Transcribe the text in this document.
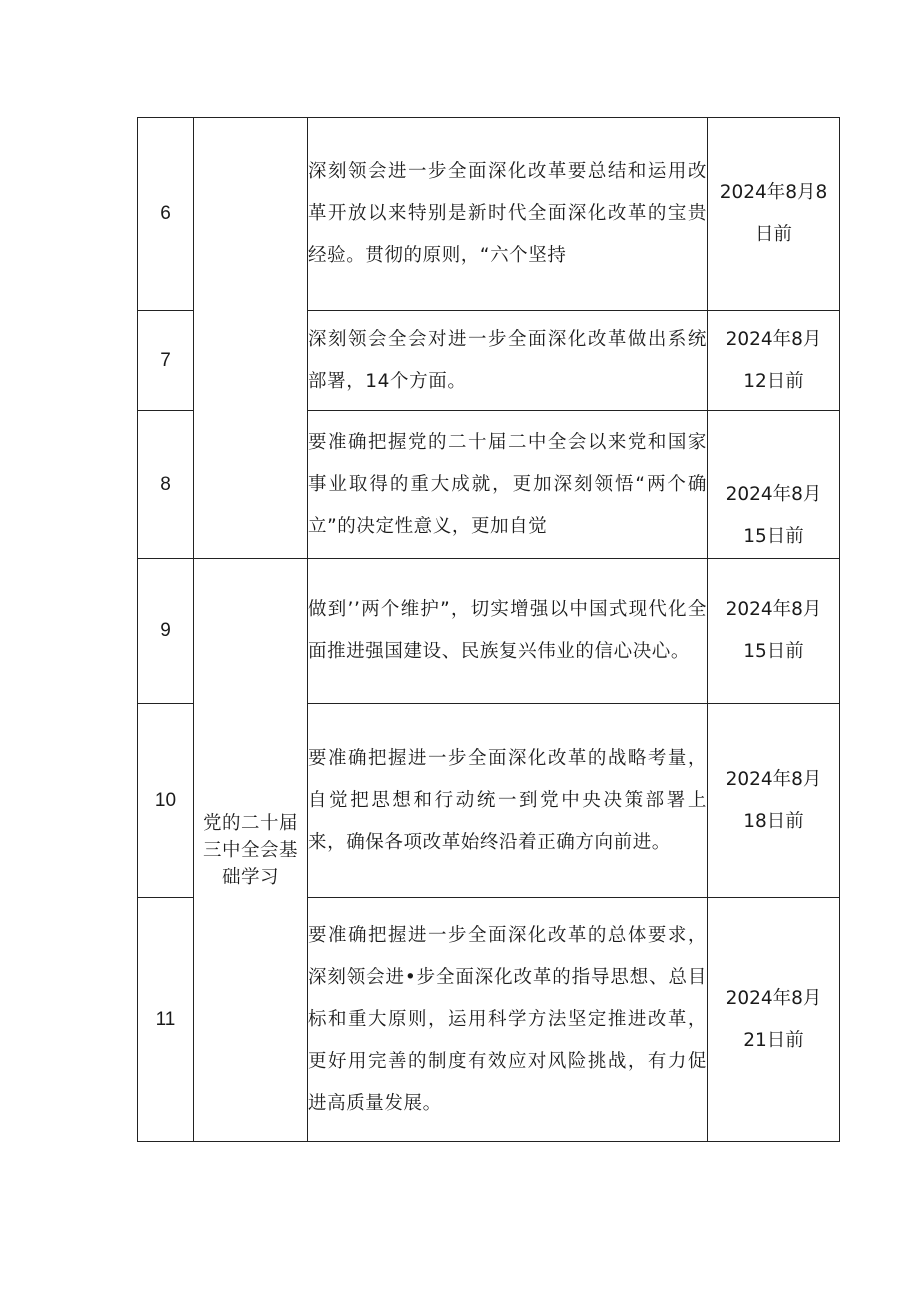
6		深刻领会进一步全面深化改革要总结和运用改革开放以来特别是新时代全面深化改革的宝贵经验。贯彻的原则，“六个坚持	2024年8月8
日前

7		深刻领会全会对进一步全面深化改革做出系统部署，14个方面。	2024年8月
12日前

8		要准确把握党的二十届二中全会以来党和国家事业取得的重大成就，更加深刻领悟“两个确立”的决定性意义，更加自觉	2024年8月
15日前

9	党的二十届三中全会基础学习	做到’’两个维护”，切实增强以中国式现代化全面推进强国建设、民族复兴伟业的信心决心。	2024年8月
15日前

10		要准确把握进一步全面深化改革的战略考量，自觉把思想和行动统一到党中央决策部署上来，确保各项改革始终沿着正确方向前进。	2024年8月
18日前

11		要准确把握进一步全面深化改革的总体要求，深刻领会进•步全面深化改革的指导思想、总目标和重大原则，运用科学方法坚定推进改革，更好用完善的制度有效应对风险挑战，有力促进高质量发展。	2024年8月
21日前
